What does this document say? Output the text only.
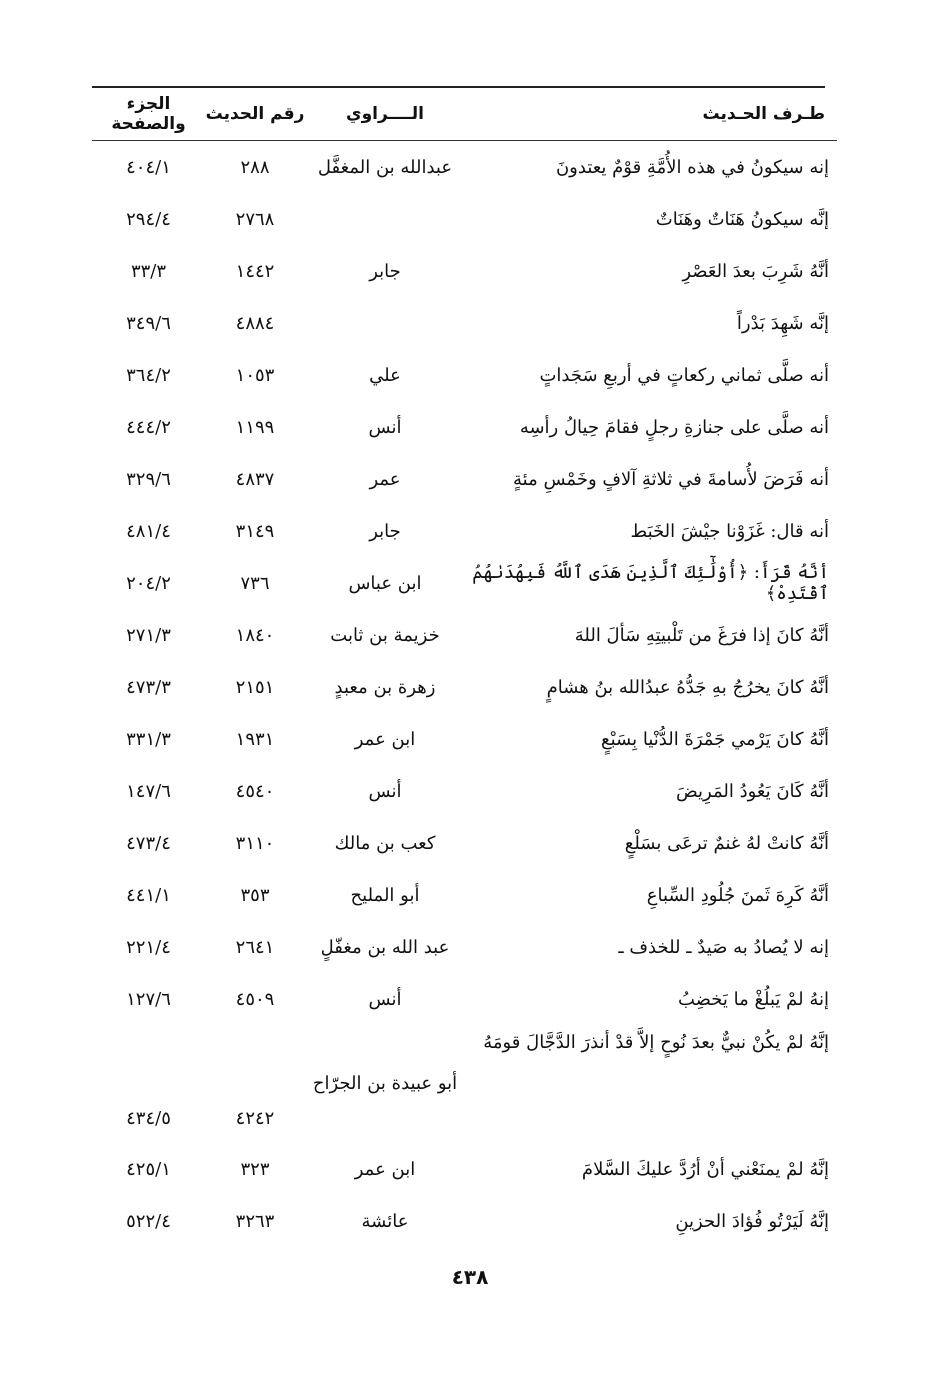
طـرف الحـديث	الــــراوي	رقم الحديث	الجزء والصفحة
إنه سيكونُ في هذه الأُمَّةِ قوْمٌ يعتدونَ	عبدالله بن المغفَّل	٢٨٨	٤٠٤/١
إنَّه سيكونُ هَنَاتٌ وهَنَاتٌ		٢٧٦٨	٢٩٤/٤
أنَّهُ شَرِبَ بعدَ العَصْرِ	جابر	١٤٤٢	٣٣/٣
إنَّه شَهِدَ بَدْراً		٤٨٨٤	٣٤٩/٦
أنه صلَّى ثماني ركعاتٍ في أربعِ سَجَداتٍ	علي	١٠٥٣	٣٦٤/٢
أنه صلَّى على جنازةِ رجلٍ فقامَ حِيالُ رأسِه	أنس	١١٩٩	٤٤٤/٢
أنه فَرَضَ لأُسامةَ في ثلاثةِ آلافٍ وخَمْسِ مئةٍ	عمر	٤٨٣٧	٣٢٩/٦
أنه قال: غَزَوْنا جيْشَ الخَبَط	جابر	٣١٤٩	٤٨١/٤
أنَّهُ قَرَأَ: ﴿أُوْلَٰٓئِكَ ٱلَّذِينَ هَدَى ٱللَّهُ فَبِهُدَىٰهُمُ ٱقْتَدِهْ﴾	ابن عباس	٧٣٦	٢٠٤/٢
أنَّهُ كانَ إذا فرَغَ من تَلْبيتِهِ سَألَ اللهَ	خزيمة بن ثابت	١٨٤٠	٢٧١/٣
أنَّهُ كانَ يخرُجُ بهِ جَدُّهُ عبدُالله بنُ هشامٍ	زهرة بن معبدٍ	٢١٥١	٤٧٣/٣
أنَّهُ كانَ يَرْمي جَمْرَةَ الدُّنْيا بِسَبْعٍ	ابن عمر	١٩٣١	٣٣١/٣
أنَّهُ كَانَ يَعُودُ المَرِيضَ	أنس	٤٥٤٠	١٤٧/٦
أنَّهُ كانتْ لهُ غنمٌ ترعَى بسَلْعٍ	كعب بن مالك	٣١١٠	٤٧٣/٤
أنَّهُ كَرِهَ ثَمنَ جُلُودِ السِّباعِ	أبو المليح	٣٥٣	٤٤١/١
إنه لا يُصادُ به صَيدٌ ـ للخذف ـ	عبد الله بن مغفّلٍ	٢٦٤١	٢٢١/٤
إنهُ لمْ يَبلُغْ ما يَخضِبُ	أنس	٤٥٠٩	١٢٧/٦
إنَّهُ لمْ يكُنْ نبيٌّ بعدَ نُوحٍ إلاَّ قدْ أنذرَ الدَّجَّالَ قومَهُ	أبو عبيدة بن الجرّاح	٤٢٤٢	٤٣٤/٥
إنَّهُ لمْ يمنَعْني أنْ أرُدَّ عليكَ السَّلامَ	ابن عمر	٣٢٣	٤٢٥/١
إنَّهُ لَيَرْتُو فُؤادَ الحزينِ	عائشة	٣٢٦٣	٥٢٢/٤
٤٣٨
